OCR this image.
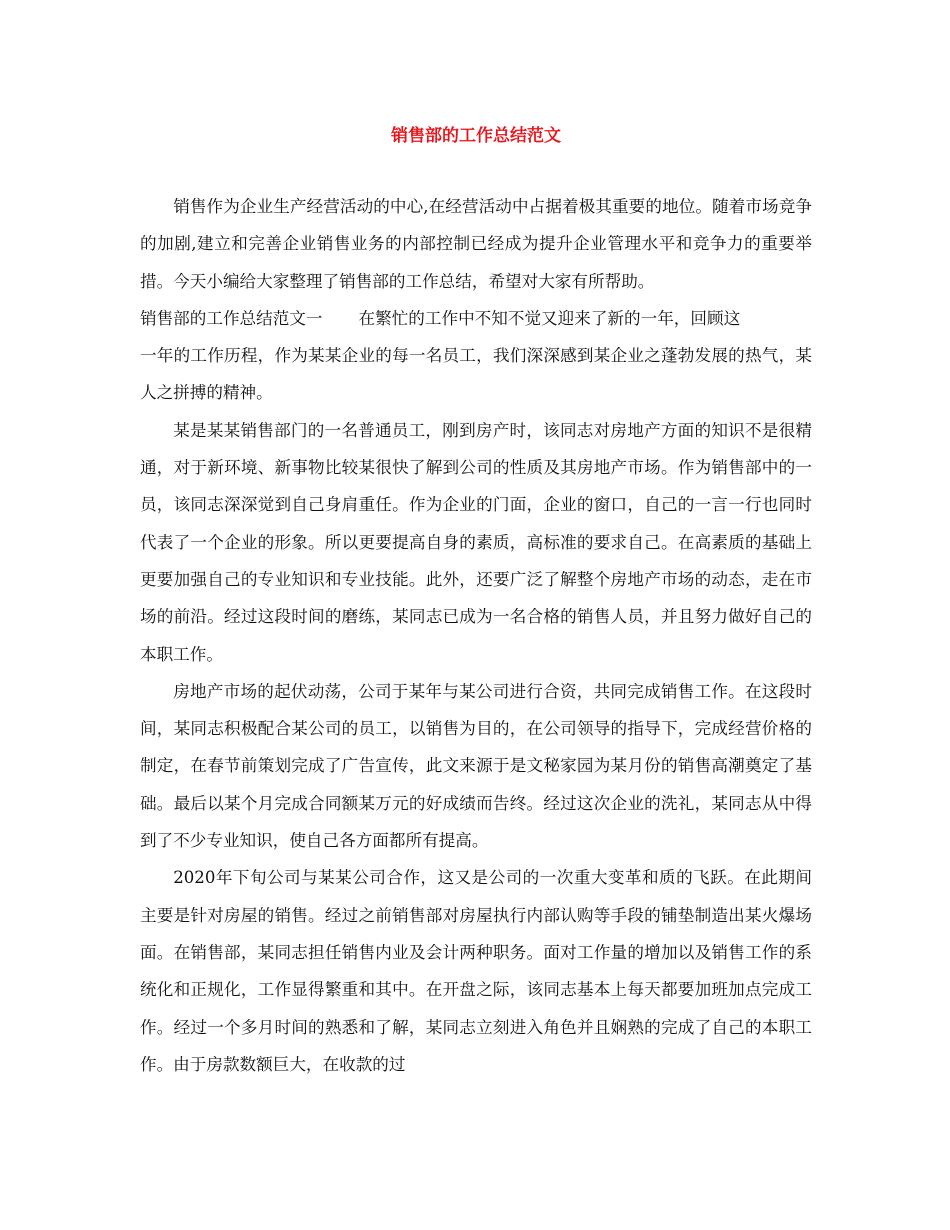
销售部的工作总结范文

销售作为企业生产经营活动的中心,在经营活动中占据着极其重要的地位。随着市场竞争的加剧,建立和完善企业销售业务的内部控制已经成为提升企业管理水平和竞争力的重要举措。今天小编给大家整理了销售部的工作总结，希望对大家有所帮助。

销售部的工作总结范文一 在繁忙的工作中不知不觉又迎来了新的一年，回顾这

一年的工作历程，作为某某企业的每一名员工，我们深深感到某企业之蓬勃发展的热气，某人之拼搏的精神。

某是某某销售部门的一名普通员工，刚到房产时，该同志对房地产方面的知识不是很精通，对于新环境、新事物比较某很快了解到公司的性质及其房地产市场。作为销售部中的一员，该同志深深觉到自己身肩重任。作为企业的门面，企业的窗口，自己的一言一行也同时代表了一个企业的形象。所以更要提高自身的素质，高标准的要求自己。在高素质的基础上更要加强自己的专业知识和专业技能。此外，还要广泛了解整个房地产市场的动态，走在市场的前沿。经过这段时间的磨练，某同志已成为一名合格的销售人员，并且努力做好自己的本职工作。

房地产市场的起伏动荡，公司于某年与某公司进行合资，共同完成销售工作。在这段时间，某同志积极配合某公司的员工，以销售为目的，在公司领导的指导下，完成经营价格的制定，在春节前策划完成了广告宣传，此文来源于是文秘家园为某月份的销售高潮奠定了基础。最后以某个月完成合同额某万元的好成绩而告终。经过这次企业的洗礼，某同志从中得到了不少专业知识，使自己各方面都所有提高。

2020年下旬公司与某某公司合作，这又是公司的一次重大变革和质的飞跃。在此期间主要是针对房屋的销售。经过之前销售部对房屋执行内部认购等手段的铺垫制造出某火爆场面。在销售部，某同志担任销售内业及会计两种职务。面对工作量的增加以及销售工作的系统化和正规化，工作显得繁重和其中。在开盘之际，该同志基本上每天都要加班加点完成工作。经过一个多月时间的熟悉和了解，某同志立刻进入角色并且娴熟的完成了自己的本职工作。由于房款数额巨大，在收款的过
